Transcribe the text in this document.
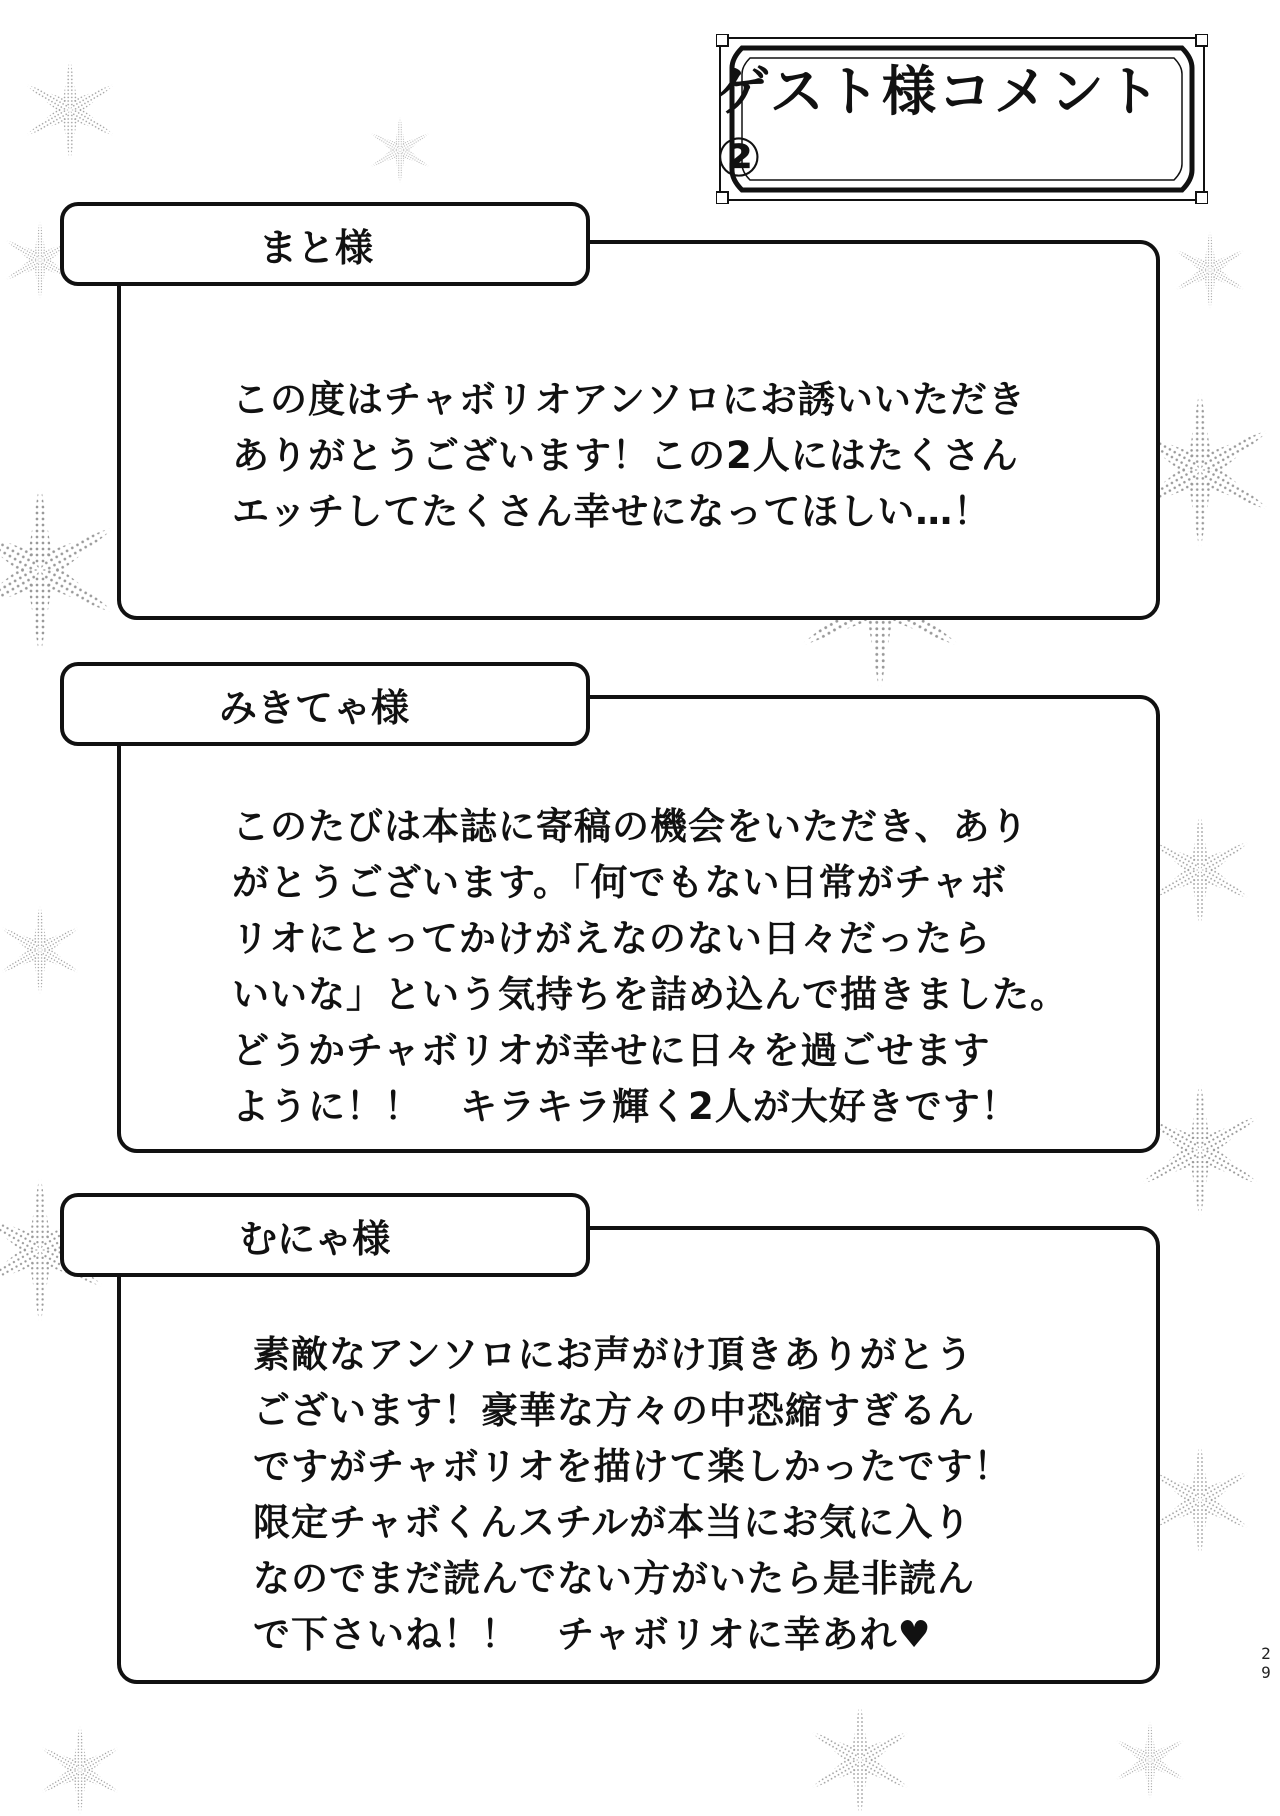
ゲスト様コメント②
まと様
この度はチャボリオアンソロにお誘いいただき
ありがとうございます！この2人にはたくさん
エッチしてたくさん幸せになってほしい…！
みきてゃ様
このたびは本誌に寄稿の機会をいただき、あり
がとうございます。「何でもない日常がチャボ
リオにとってかけがえなのない日々だったら
いいな」という気持ちを詰め込んで描きました。
どうかチャボリオが幸せに日々を過ごせます
ように！！　キラキラ輝く2人が大好きです！
むにゃ様
素敵なアンソロにお声がけ頂きありがとう
ございます！豪華な方々の中恐縮すぎるん
ですがチャボリオを描けて楽しかったです！
限定チャボくんスチルが本当にお気に入り
なのでまだ読んでない方がいたら是非読ん
で下さいね！！　チャボリオに幸あれ♥	2
9
